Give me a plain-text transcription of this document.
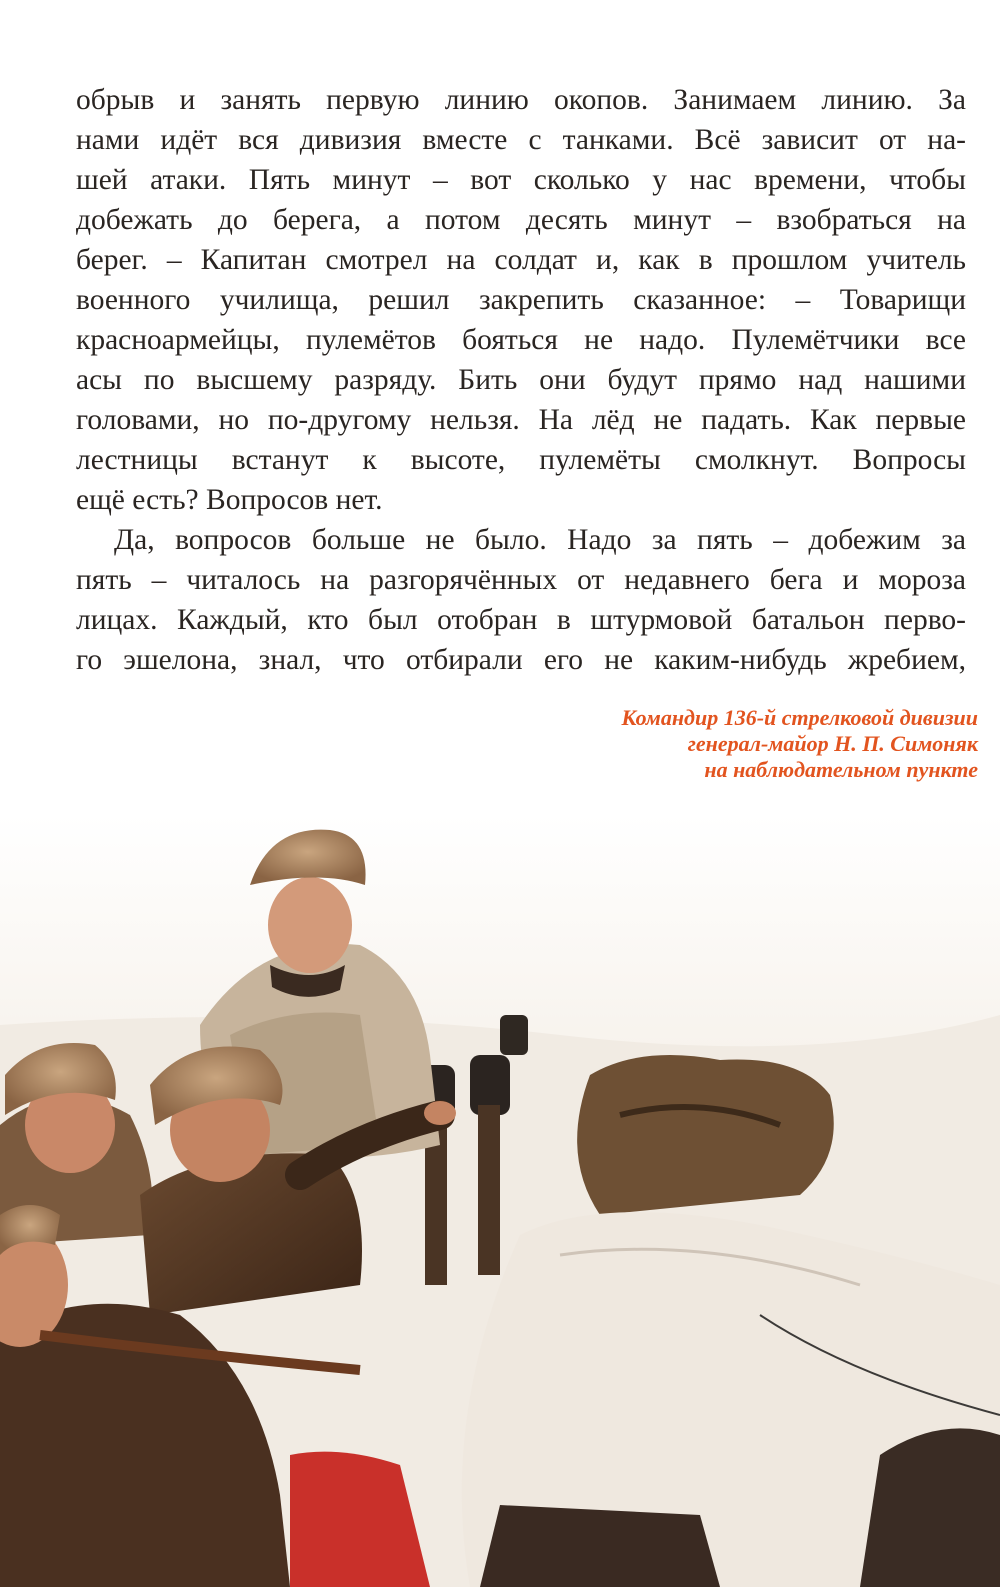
обрыв и занять первую линию окопов. Занимаем линию. За
нами идёт вся дивизия вместе с танками. Всё зависит от на-
шей атаки. Пять минут – вот сколько у нас времени, чтобы
добежать до берега, а потом десять минут – взобраться на
берег. – Капитан смотрел на солдат и, как в прошлом учитель
военного училища, решил закрепить сказанное: – Товарищи
красноармейцы, пулемётов бояться не надо. Пулемётчики все
асы по высшему разряду. Бить они будут прямо над нашими
головами, но по-другому нельзя. На лёд не падать. Как первые
лестницы встанут к высоте, пулемёты смолкнут. Вопросы
ещё есть? Вопросов нет.
Да, вопросов больше не было. Надо за пять – добежим за
пять – читалось на разгорячённых от недавнего бега и мороза
лицах. Каждый, кто был отобран в штурмовой батальон перво-
го эшелона, знал, что отбирали его не каким-нибудь жребием,
Командир 136-й стрелковой дивизии
генерал-майор Н. П. Симоняк
на наблюдательном пункте
